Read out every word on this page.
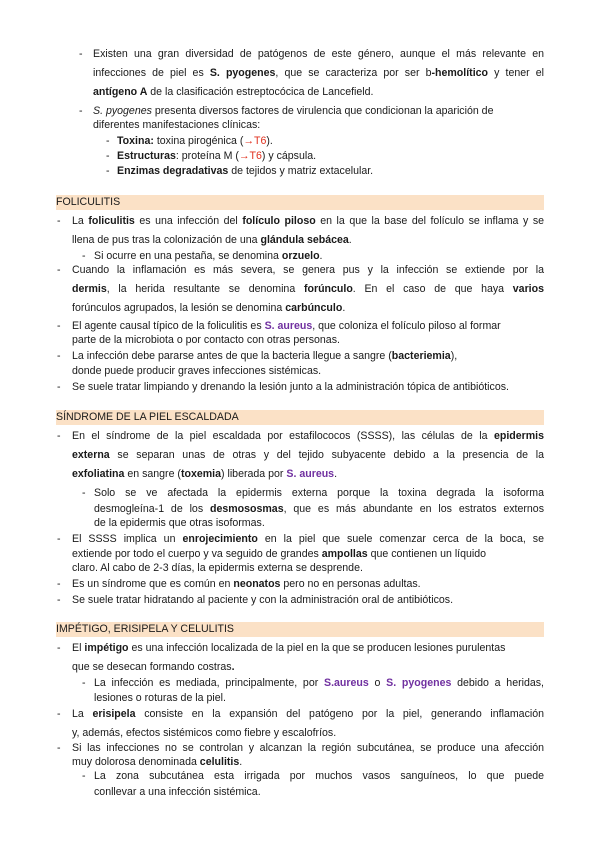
- Existen una gran diversidad de patógenos de este género, aunque el más relevante en
infecciones de piel es S. pyogenes, que se caracteriza por ser b-hemolítico y tener el
antígeno A de la clasificación estreptocócica de Lancefield.
- S. pyogenes presenta diversos factores de virulencia que condicionan la aparición de
diferentes manifestaciones clínicas:
- Toxina: toxina pirogénica (→T6).
- Estructuras: proteína M (→T6) y cápsula.
- Enzimas degradativas de tejidos y matriz extacelular.
FOLICULITIS
- La foliculitis es una infección del folículo piloso en la que la base del folículo se inflama y se
llena de pus tras la colonización de una glándula sebácea.
- Si ocurre en una pestaña, se denomina orzuelo.
- Cuando la inflamación es más severa, se genera pus y la infección se extiende por la
dermis, la herida resultante se denomina forúnculo. En el caso de que haya varios
forúnculos agrupados, la lesión se denomina carbúnculo.
- El agente causal típico de la foliculitis es S. aureus, que coloniza el folículo piloso al formar
parte de la microbiota o por contacto con otras personas.
- La infección debe pararse antes de que la bacteria llegue a sangre (bacteriemia),
donde puede producir graves infecciones sistémicas.
- Se suele tratar limpiando y drenando la lesión junto a la administración tópica de antibióticos.
SÍNDROME DE LA PIEL ESCALDADA
- En el síndrome de la piel escaldada por estafilococos (SSSS), las células de la epidermis
externa se separan unas de otras y del tejido subyacente debido a la presencia de la
exfoliatina en sangre (toxemia) liberada por S. aureus.
- Solo se ve afectada la epidermis externa porque la toxina degrada la isoforma
desmogleína-1 de los desmososmas, que es más abundante en los estratos externos
de la epidermis que otras isoformas.
- El SSSS implica un enrojecimiento en la piel que suele comenzar cerca de la boca, se
extiende por todo el cuerpo y va seguido de grandes ampollas que contienen un líquido
claro. Al cabo de 2-3 días, la epidermis externa se desprende.
- Es un síndrome que es común en neonatos pero no en personas adultas.
- Se suele tratar hidratando al paciente y con la administración oral de antibióticos.
IMPÉTIGO, ERISIPELA Y CELULITIS
- El impétigo es una infección localizada de la piel en la que se producen lesiones purulentas
que se desecan formando costras.
- La infección es mediada, principalmente, por S.aureus o S. pyogenes debido a heridas,
lesiones o roturas de la piel.
- La erisipela consiste en la expansión del patógeno por la piel, generando inflamación
y, además, efectos sistémicos como fiebre y escalofríos.
- Si las infecciones no se controlan y alcanzan la región subcutánea, se produce una afección
muy dolorosa denominada celulitis.
- La zona subcutánea esta irrigada por muchos vasos sanguíneos, lo que puede
conllevar a una infección sistémica.
